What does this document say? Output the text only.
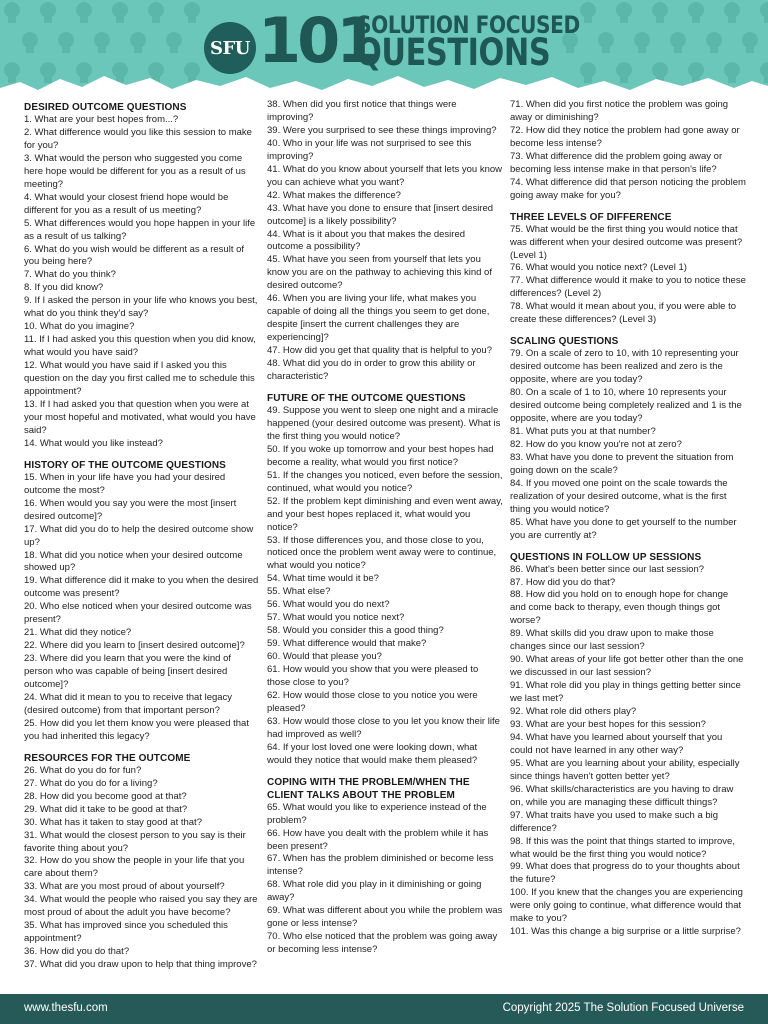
SFU 101
SOLUTION FOCUSED
QUESTIONS
DESIRED OUTCOME QUESTIONS
1. What are your best hopes from...?
2. What difference would you like this session to make for you?
3. What would the person who suggested you come here hope would be different for you as a result of us meeting?
4. What would your closest friend hope would be different for you as a result of us meeting?
5. What differences would you hope happen in your life as a result of us talking?
6. What do you wish would be different as a result of you being here?
7. What do you think?
8. If you did know?
9. If I asked the person in your life who knows you best, what do you think they'd say?
10. What do you imagine?
11. If I had asked you this question when you did know, what would you have said?
12. What would you have said if I asked you this question on the day you first called me to schedule this appointment?
13. If I had asked you that question when you were at your most hopeful and motivated, what would you have said?
14. What would you like instead?
HISTORY OF THE OUTCOME QUESTIONS
15. When in your life have you had your desired outcome the most?
16. When would you say you were the most [insert desired outcome]?
17. What did you do to help the desired outcome show up?
18. What did you notice when your desired outcome showed up?
19. What difference did it make to you when the desired outcome was present?
20. Who else noticed when your desired outcome was present?
21. What did they notice?
22. Where did you learn to [insert desired outcome]?
23. Where did you learn that you were the kind of person who was capable of being [insert desired outcome]?
24. What did it mean to you to receive that legacy (desired outcome) from that important person?
25. How did you let them know you were pleased that you had inherited this legacy?
RESOURCES FOR THE OUTCOME
26. What do you do for fun?
27. What do you do for a living?
28. How did you become good at that?
29. What did it take to be good at that?
30. What has it taken to stay good at that?
31. What would the closest person to you say is their favorite thing about you?
32. How do you show the people in your life that you care about them?
33. What are you most proud of about yourself?
34. What would the people who raised you say they are most proud of about the adult you have become?
35. What has improved since you scheduled this appointment?
36. How did you do that?
37. What did you draw upon to help that thing improve?
38. When did you first notice that things were improving?
39. Were you surprised to see these things improving?
40. Who in your life was not surprised to see this improving?
41. What do you know about yourself that lets you know you can achieve what you want?
42. What makes the difference?
43. What have you done to ensure that [insert desired outcome] is a likely possibility?
44. What is it about you that makes the desired outcome a possibility?
45. What have you seen from yourself that lets you know you are on the pathway to achieving this kind of desired outcome?
46. When you are living your life, what makes you capable of doing all the things you seem to get done, despite [insert the current challenges they are experiencing]?
47. How did you get that quality that is helpful to you?
48. What did you do in order to grow this ability or characteristic?
FUTURE OF THE OUTCOME QUESTIONS
49. Suppose you went to sleep one night and a miracle happened (your desired outcome was present). What is the first thing you would notice?
50. If you woke up tomorrow and your best hopes had become a reality, what would you first notice?
51. If the changes you noticed, even before the session, continued, what would you notice?
52. If the problem kept diminishing and even went away, and your best hopes replaced it, what would you notice?
53. If those differences you, and those close to you, noticed once the problem went away were to continue, what would you notice?
54. What time would it be?
55. What else?
56. What would you do next?
57. What would you notice next?
58. Would you consider this a good thing?
59. What difference would that make?
60. Would that please you?
61. How would you show that you were pleased to those close to you?
62. How would those close to you notice you were pleased?
63. How would those close to you let you know their life had improved as well?
64. If your lost loved one were looking down, what would they notice that would make them pleased?
COPING WITH THE PROBLEM/WHEN THE CLIENT TALKS ABOUT THE PROBLEM
65. What would you like to experience instead of the problem?
66. How have you dealt with the problem while it has been present?
67. When has the problem diminished or become less intense?
68. What role did you play in it diminishing or going away?
69. What was different about you while the problem was gone or less intense?
70. Who else noticed that the problem was going away or becoming less intense?
71. When did you first notice the problem was going away or diminishing?
72. How did they notice the problem had gone away or become less intense?
73. What difference did the problem going away or becoming less intense make in that person's life?
74. What difference did that person noticing the problem going away make for you?
THREE LEVELS OF DIFFERENCE
75. What would be the first thing you would notice that was different when your desired outcome was present? (Level 1)
76. What would you notice next? (Level 1)
77. What difference would it make to you to notice these differences? (Level 2)
78. What would it mean about you, if you were able to create these differences? (Level 3)
SCALING QUESTIONS
79. On a scale of zero to 10, with 10 representing your desired outcome has been realized and zero is the opposite, where are you today?
80. On a scale of 1 to 10, where 10 represents your desired outcome being completely realized and 1 is the opposite, where are you today?
81. What puts you at that number?
82. How do you know you're not at zero?
83. What have you done to prevent the situation from going down on the scale?
84. If you moved one point on the scale towards the realization of your desired outcome, what is the first thing you would notice?
85. What have you done to get yourself to the number you are currently at?
QUESTIONS IN FOLLOW UP SESSIONS
86. What's been better since our last session?
87. How did you do that?
88. How did you hold on to enough hope for change and come back to therapy, even though things got worse?
89. What skills did you draw upon to make those changes since our last session?
90. What areas of your life got better other than the one we discussed in our last session?
91. What role did you play in things getting better since we last met?
92. What role did others play?
93. What are your best hopes for this session?
94. What have you learned about yourself that you could not have learned in any other way?
95. What are you learning about your ability, especially since things haven't gotten better yet?
96. What skills/characteristics are you having to draw on, while you are managing these difficult things?
97. What traits have you used to make such a big difference?
98. If this was the point that things started to improve, what would be the first thing you would notice?
99. What does that progress do to your thoughts about the future?
100. If you knew that the changes you are experiencing were only going to continue, what difference would that make to you?
101. Was this change a big surprise or a little surprise?
www.thesfu.com	Copyright 2025 The Solution Focused Universe
